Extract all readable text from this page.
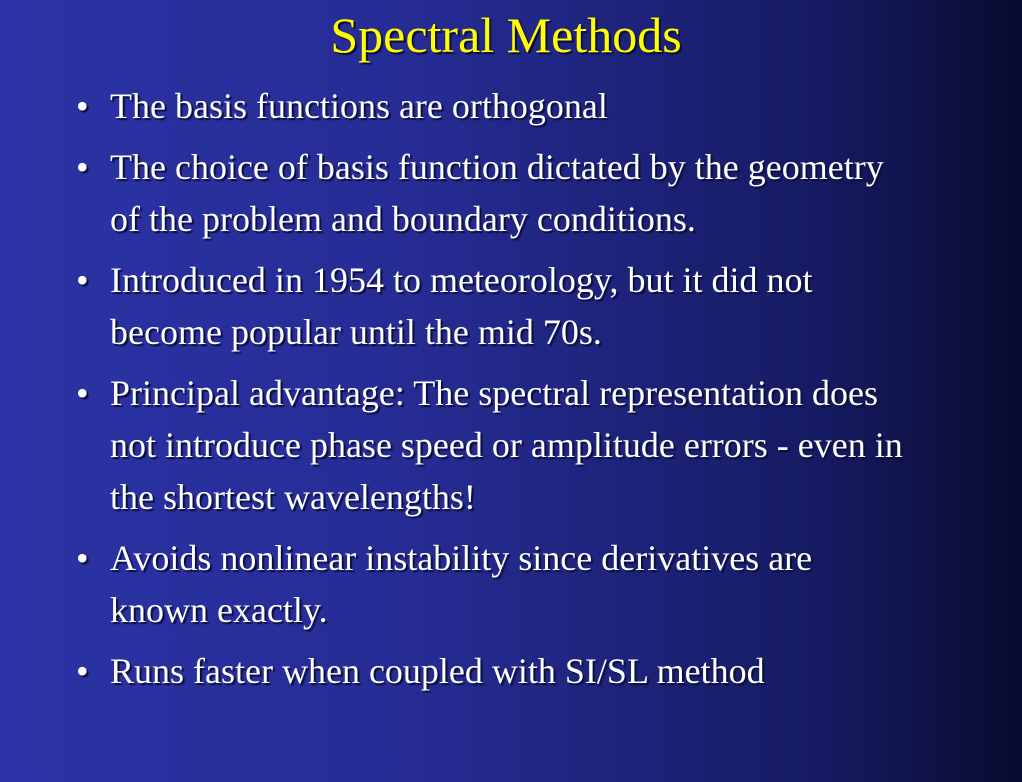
Spectral Methods
• The basis functions are orthogonal
• The choice of basis function dictated by the geometry of the problem and boundary conditions.
• Introduced in 1954 to meteorology, but it did not become popular until the mid 70s.
• Principal advantage: The spectral representation does not introduce phase speed or amplitude errors - even in the shortest wavelengths!
• Avoids nonlinear instability since derivatives are known exactly.
• Runs faster when coupled with SI/SL method
